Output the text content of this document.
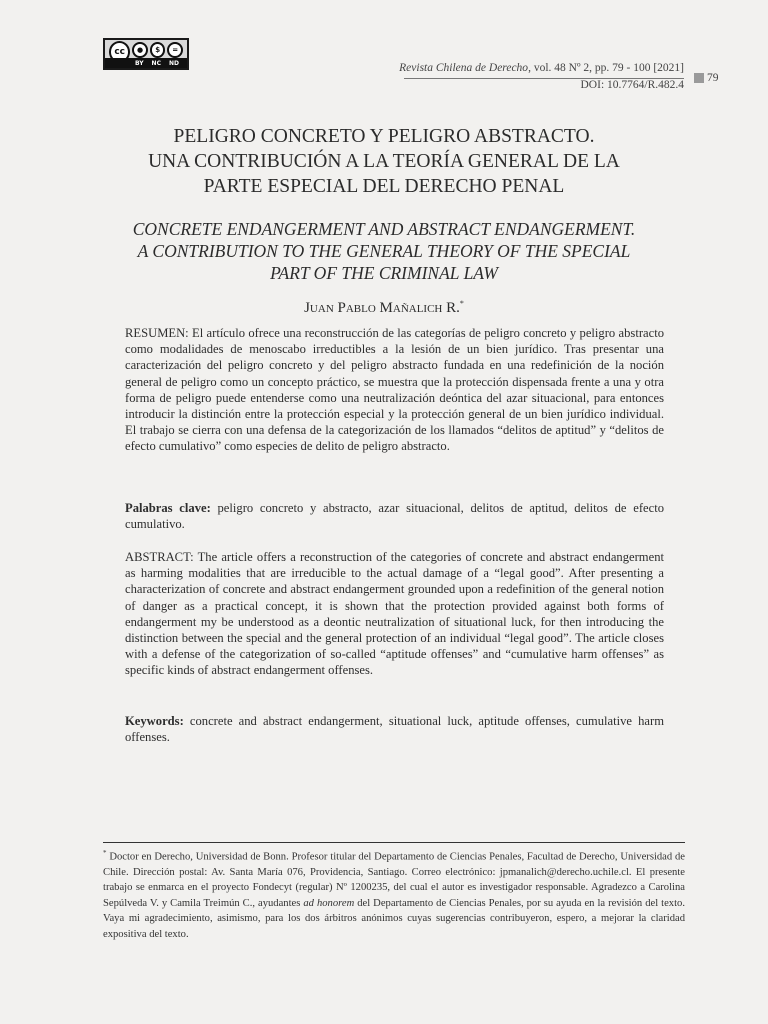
cc	●	$	=
BY NC ND	Revista Chilena de Derecho, vol. 48 Nº 2, pp. 79 - 100 [2021]
DOI: 10.7764/R.482.4
79
PELIGRO CONCRETO Y PELIGRO ABSTRACTO.
UNA CONTRIBUCIÓN A LA TEORÍA GENERAL DE LA
PARTE ESPECIAL DEL DERECHO PENAL
CONCRETE ENDANGERMENT AND ABSTRACT ENDANGERMENT.
A CONTRIBUTION TO THE GENERAL THEORY OF THE SPECIAL
PART OF THE CRIMINAL LAW
Juan Pablo Mañalich R.*
RESUMEN: El artículo ofrece una reconstrucción de las categorías de peligro concreto y peligro abstracto como modalidades de menoscabo irreductibles a la lesión de un bien jurídico. Tras presentar una caracterización del peligro concreto y del peligro abstracto fundada en una redefinición de la noción general de peligro como un concepto práctico, se muestra que la protección dispensada frente a una y otra forma de peligro puede entenderse como una neutralización deóntica del azar situacional, para entonces introducir la distinción entre la protección especial y la protección general de un bien jurídico individual. El trabajo se cierra con una defensa de la categorización de los llamados “delitos de aptitud” y “delitos de efecto cumulativo” como especies de delito de peligro abstracto.
Palabras clave: peligro concreto y abstracto, azar situacional, delitos de aptitud, delitos de efecto cumulativo.
ABSTRACT: The article offers a reconstruction of the categories of concrete and abstract endangerment as harming modalities that are irreducible to the actual damage of a “legal good”. After presenting a characterization of concrete and abstract endangerment grounded upon a redefinition of the general notion of danger as a practical concept, it is shown that the protection provided against both forms of endangerment my be understood as a deontic neutralization of situational luck, for then introducing the distinction between the special and the general protection of an individual “legal good”. The article closes with a defense of the categorization of so-called “aptitude offenses” and “cumulative harm offenses” as specific kinds of abstract endangerment offenses.
Keywords: concrete and abstract endangerment, situational luck, aptitude offenses, cumulative harm offenses.
* Doctor en Derecho, Universidad de Bonn. Profesor titular del Departamento de Ciencias Penales, Facultad de Derecho, Universidad de Chile. Dirección postal: Av. Santa María 076, Providencia, Santiago. Correo electrónico: jpmanalich@derecho.uchile.cl. El presente trabajo se enmarca en el proyecto Fondecyt (regular) Nº 1200235, del cual el autor es investigador responsable. Agradezco a Carolina Sepúlveda V. y Camila Treimún C., ayudantes ad honorem del Departamento de Ciencias Penales, por su ayuda en la revisión del texto. Vaya mi agradecimiento, asimismo, para los dos árbitros anónimos cuyas sugerencias contribuyeron, espero, a mejorar la claridad expositiva del texto.
